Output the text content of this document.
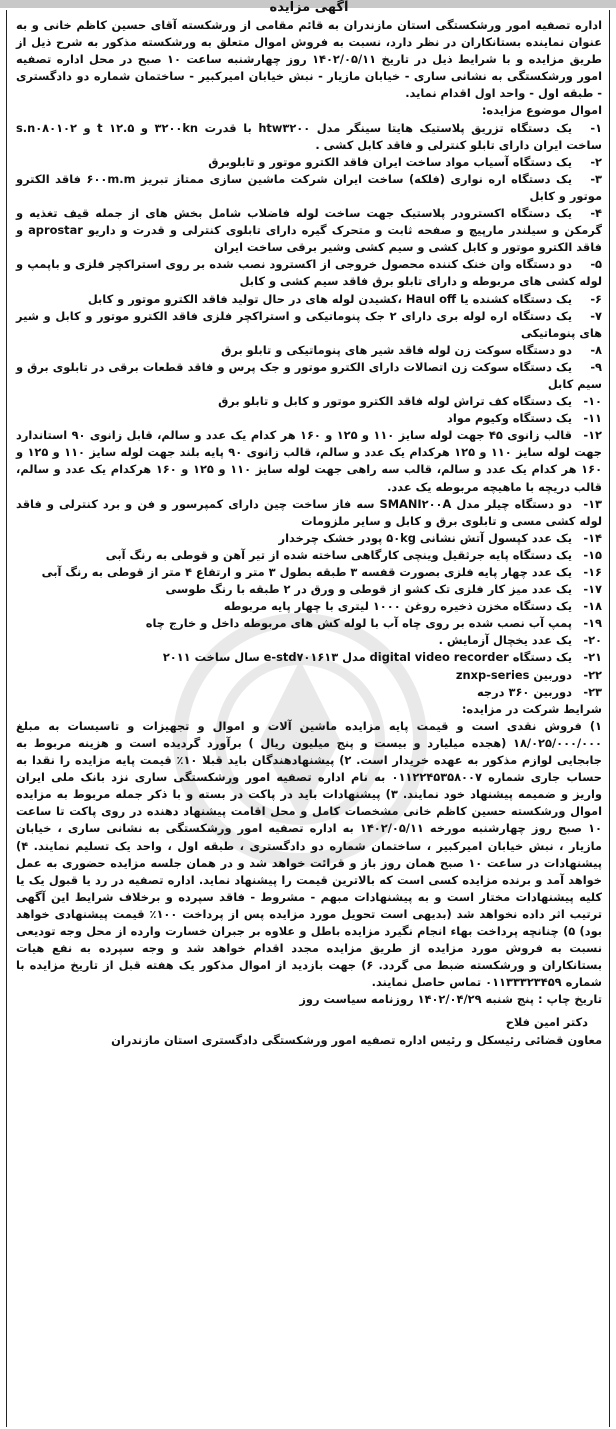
آگهی مزایده

اداره تصفیه امور ورشکستگی استان مازندران به قائم مقامی از ورشکسته آقای حسین کاظم خانی و به عنوان نماینده بستانکاران در نظر دارد، نسبت به فروش اموال متعلق به ورشکسته مذکور به شرح ذیل از طریق مزایده و با شرایط ذیل در تاریخ ۱۴۰۲/۰۵/۱۱ روز چهارشنبه ساعت ۱۰ صبح در محل اداره تصفیه امور ورشکستگی به نشانی ساری - خیابان مازیار - نبش خیابان امیرکبیر - ساختمان شماره دو دادگستری - طبقه اول - واحد اول اقدام نماید.

اموال موضوع مزایده:

۱-یک دستگاه تزریق پلاستیک هایتا سینگر مدل htw۳۲۰۰ با قدرت ۳۲۰۰kn و ۱۲.۵ t و s.n۰۸۰۱۰۲ ساخت ایران دارای تابلو کنترلی و فاقد کابل کشی .

۲-یک دستگاه آسیاب مواد ساخت ایران فاقد الکترو موتور و تابلوبرق

۳-یک دستگاه اره نواری (فلکه) ساخت ایران شرکت ماشین سازی ممتاز تبریز ۶۰۰m.m فاقد الکترو موتور و کابل

۴-یک دستگاه اکسترودر پلاستیک جهت ساخت لوله فاضلاب شامل بخش های از جمله قیف تغذیه و گرمکن و سیلندر مارپیچ و صفحه ثابت و متحرک گیره دارای تابلوی کنترلی و قدرت و داریو aprostar و فاقد الکترو موتور و کابل کشی و سیم کشی وشیر برقی ساخت ایران

۵-دو دستگاه وان خنک کننده محصول خروجی از اکسترود نصب شده بر روی استراکچر فلزی و باپمپ و لوله کشی های مربوطه و دارای تابلو برق فاقد سیم کشی و کابل

۶-یک دستگاه کشنده یا Haul off ،کشیدن لوله های در حال تولید فاقد الکترو موتور و کابل

۷-یک دستگاه اره لوله بری دارای ۲ جک پنوماتیکی و استراکچر فلزی فاقد الکترو موتور و کابل و شیر های پنوماتیکی

۸-دو دستگاه سوکت زن لوله فاقد شیر های پنوماتیکی و تابلو برق

۹-یک دستگاه سوکت زن اتصالات دارای الکترو موتور و جک پرس و فاقد قطعات برقی در تابلوی برق و سیم کابل

۱۰-یک دستگاه کف تراش لوله فاقد الکترو موتور و کابل و تابلو برق

۱۱-یک دستگاه وکیوم مواد

۱۲-قالب زانوی ۴۵ جهت لوله سایز ۱۱۰ و ۱۲۵ و ۱۶۰ هر کدام یک عدد و سالم، قابل زانوی ۹۰ استاندارد جهت لوله سایز ۱۱۰ و ۱۲۵ هرکدام یک عدد و سالم، قالب زانوی ۹۰ پایه بلند جهت لوله سایز ۱۱۰ و ۱۲۵ و ۱۶۰ هر کدام یک عدد و سالم، قالب سه راهی جهت لوله سایز ۱۱۰ و ۱۲۵ و ۱۶۰ هرکدام یک عدد و سالم، قالب دریچه با ماهیچه مربوطه یک عدد.

۱۳-دو دستگاه چیلر مدل SMANI۲۰۰A سه فاز ساخت چین دارای کمپرسور و فن و برد کنترلی و فاقد لوله کشی مسی و تابلوی برق و کابل و سایر ملزومات

۱۴-یک عدد کپسول آتش نشانی ۵۰kg پودر خشک چرخدار

۱۵-یک دستگاه پایه جرثقیل وینچی کارگاهی ساخته شده از تیر آهن و قوطی به رنگ آبی

۱۶-یک عدد چهار پایه فلزی بصورت قفسه ۳ طبقه بطول ۳ متر و ارتفاع ۴ متر از قوطی به رنگ آبی

۱۷-یک عدد میز کار فلزی تک کشو از قوطی و ورق در ۲ طبقه با رنگ طوسی

۱۸-یک دستگاه مخزن ذخیره روغن ۱۰۰۰ لیتری با چهار پایه مربوطه

۱۹-پمپ آب نصب شده بر روی چاه آب با لوله کش های مربوطه داخل و خارج چاه

۲۰-یک عدد یخچال آزمایش .

۲۱-یک دستگاه digital video recorder مدل e-std۷۰۱۶۱۳ سال ساخت ۲۰۱۱

۲۲-دوربین znxp-series

۲۳-دوربین ۳۶۰ درجه

شرایط شرکت در مزایده:

۱) فروش نقدی است و قیمت پایه مزایده ماشین آلات و اموال و تجهیزات و تاسیسات به مبلغ ۱۸/۰۲۵/۰۰۰/۰۰۰ (هجده میلیارد و بیست و پنج میلیون ریال ) برآورد گردیده است و هزینه مربوط به جابجایی لوازم مذکور به عهده خریدار است. ۲) پیشنهادهندگان باید قبلا ۱۰٪ قیمت پایه مزایده را نقدا به حساب جاری شماره ۰۱۱۲۲۴۵۳۵۸۰۰۷ به نام اداره تصفیه امور ورشکستگی ساری نزد بانک ملی ایران واریز و ضمیمه پیشنهاد خود نمایند. ۳) پیشنهادات باید در پاکت در بسته و با ذکر جمله مربوط به مزایده اموال ورشکسته حسین کاظم خانی مشخصات کامل و محل اقامت پیشنهاد دهنده در روی پاکت تا ساعت ۱۰ صبح روز چهارشنبه مورخه ۱۴۰۲/۰۵/۱۱ به اداره تصفیه امور ورشکستگی به نشانی ساری ، خیابان مازیار ، نبش خیابان امیرکبیر ، ساختمان شماره دو دادگستری ، طبقه اول ، واحد یک تسلیم نمایند. ۴) پیشنهادات در ساعت ۱۰ صبح همان روز باز و قرائت خواهد شد و در همان جلسه مزایده حضوری به عمل خواهد آمد و برنده مزایده کسی است که بالاترین قیمت را پیشنهاد نماید. اداره تصفیه در رد یا قبول یک یا کلیه پیشنهادات مختار است و به پیشنهادات مبهم - مشروط - فاقد سپرده و برخلاف شرایط این آگهی ترتیب اثر داده نخواهد شد (بدیهی است تحویل مورد مزایده پس از پرداخت ۱۰۰٪ قیمت پیشنهادی خواهد بود) ۵) چنانچه پرداخت بهاء انجام نگیرد مزایده باطل و علاوه بر جبران خسارت وارده از محل وجه تودیعی نسبت به فروش مورد مزایده از طریق مزایده مجدد اقدام خواهد شد و وجه سپرده به نفع هیات بستانکاران و ورشکسته ضبط می گردد. ۶) جهت بازدید از اموال مذکور یک هفته قبل از تاریخ مزایده با شماره ۰۱۱۳۳۳۲۳۴۵۹ تماس حاصل نمایند.

تاریخ چاپ : پنج شنبه ۱۴۰۲/۰۴/۲۹ روزنامه سیاست روز

دکتر امین فلاح

معاون قضائی رئیسکل و رئیس اداره تصفیه امور ورشکستگی دادگستری استان مازندران
